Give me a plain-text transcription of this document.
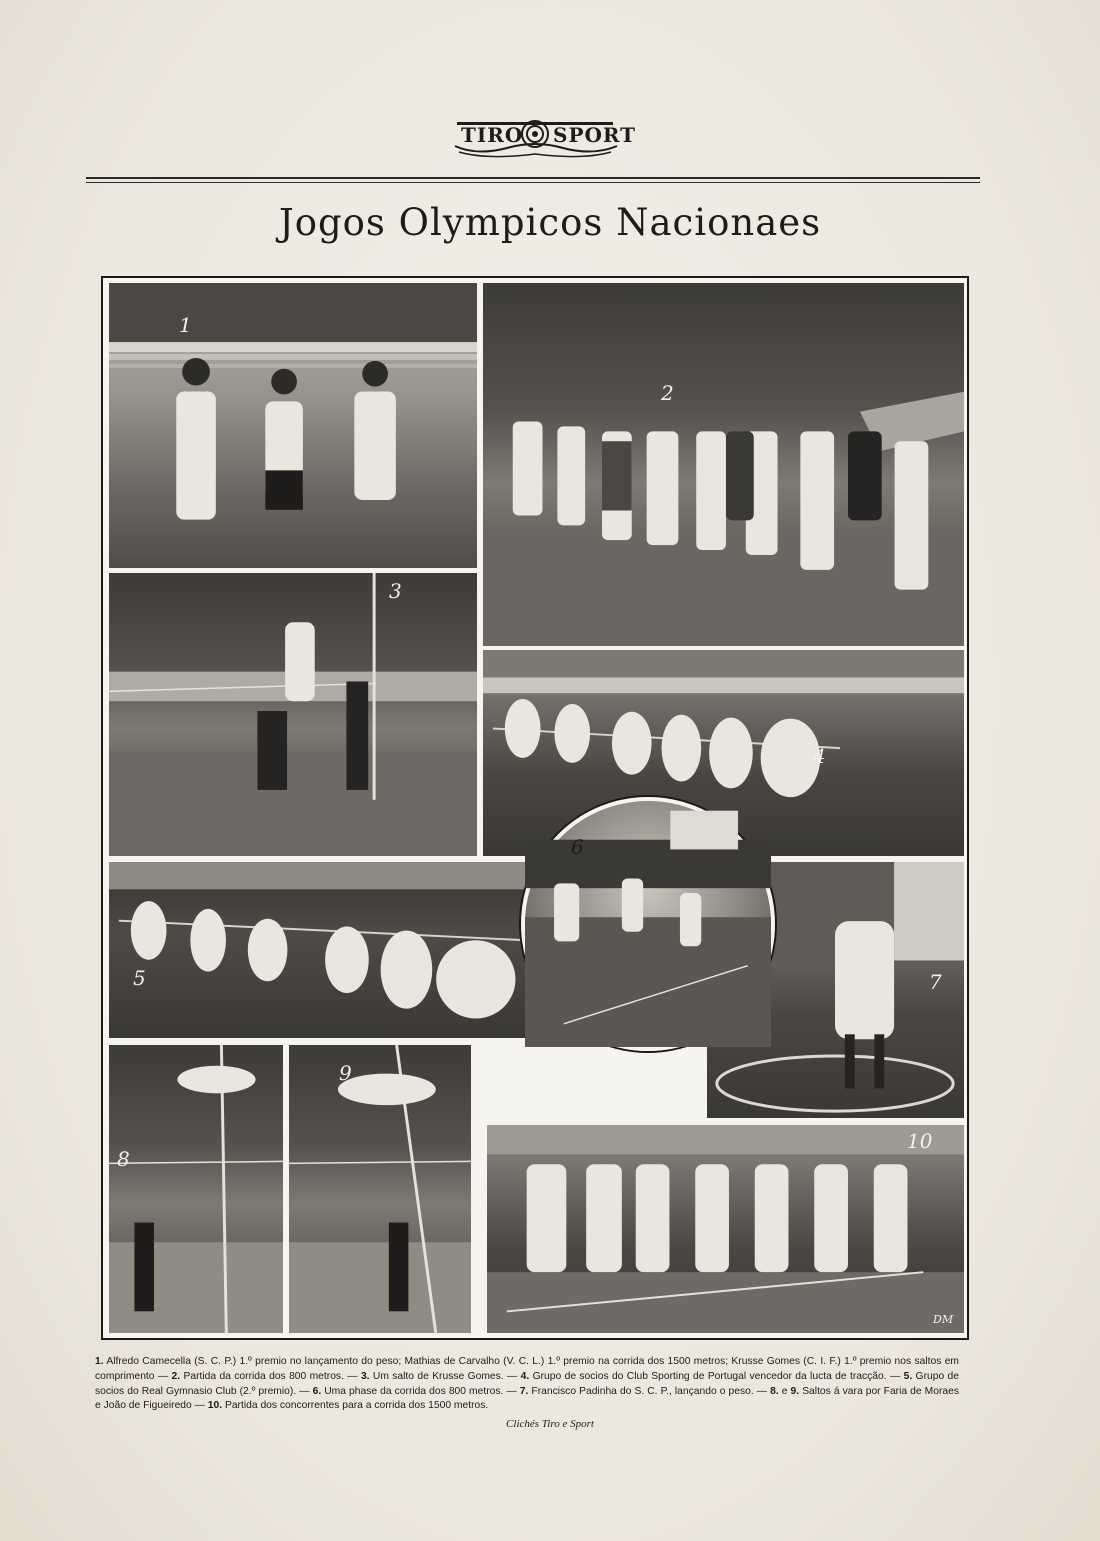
TIRO SPORT
Jogos Olympicos Nacionaes
1
2
3
4
5	7
8
9
10
DM
6

1. Alfredo Camecella (S. C. P.) 1.º premio no lançamento do peso; Mathias de Carvalho (V. C. L.) 1.º premio na corrida dos 1500 metros; Krusse Gomes (C. I. F.) 1.º premio nos saltos em comprimento — 2. Partida da corrida dos 800 metros. — 3. Um salto de Krusse Gomes. — 4. Grupo de socios do Club Sporting de Portugal vencedor da lucta de tracção. — 5. Grupo de socios do Real Gymnasio Club (2.º premio). — 6. Uma phase da corrida dos 800 metros. — 7. Francisco Padinha do S. C. P., lançando o peso. — 8. e 9. Saltos á vara por Faria de Moraes e João de Figueiredo — 10. Partida dos concorrentes para a corrida dos 1500 metros.

Clichés Tiro e Sport
